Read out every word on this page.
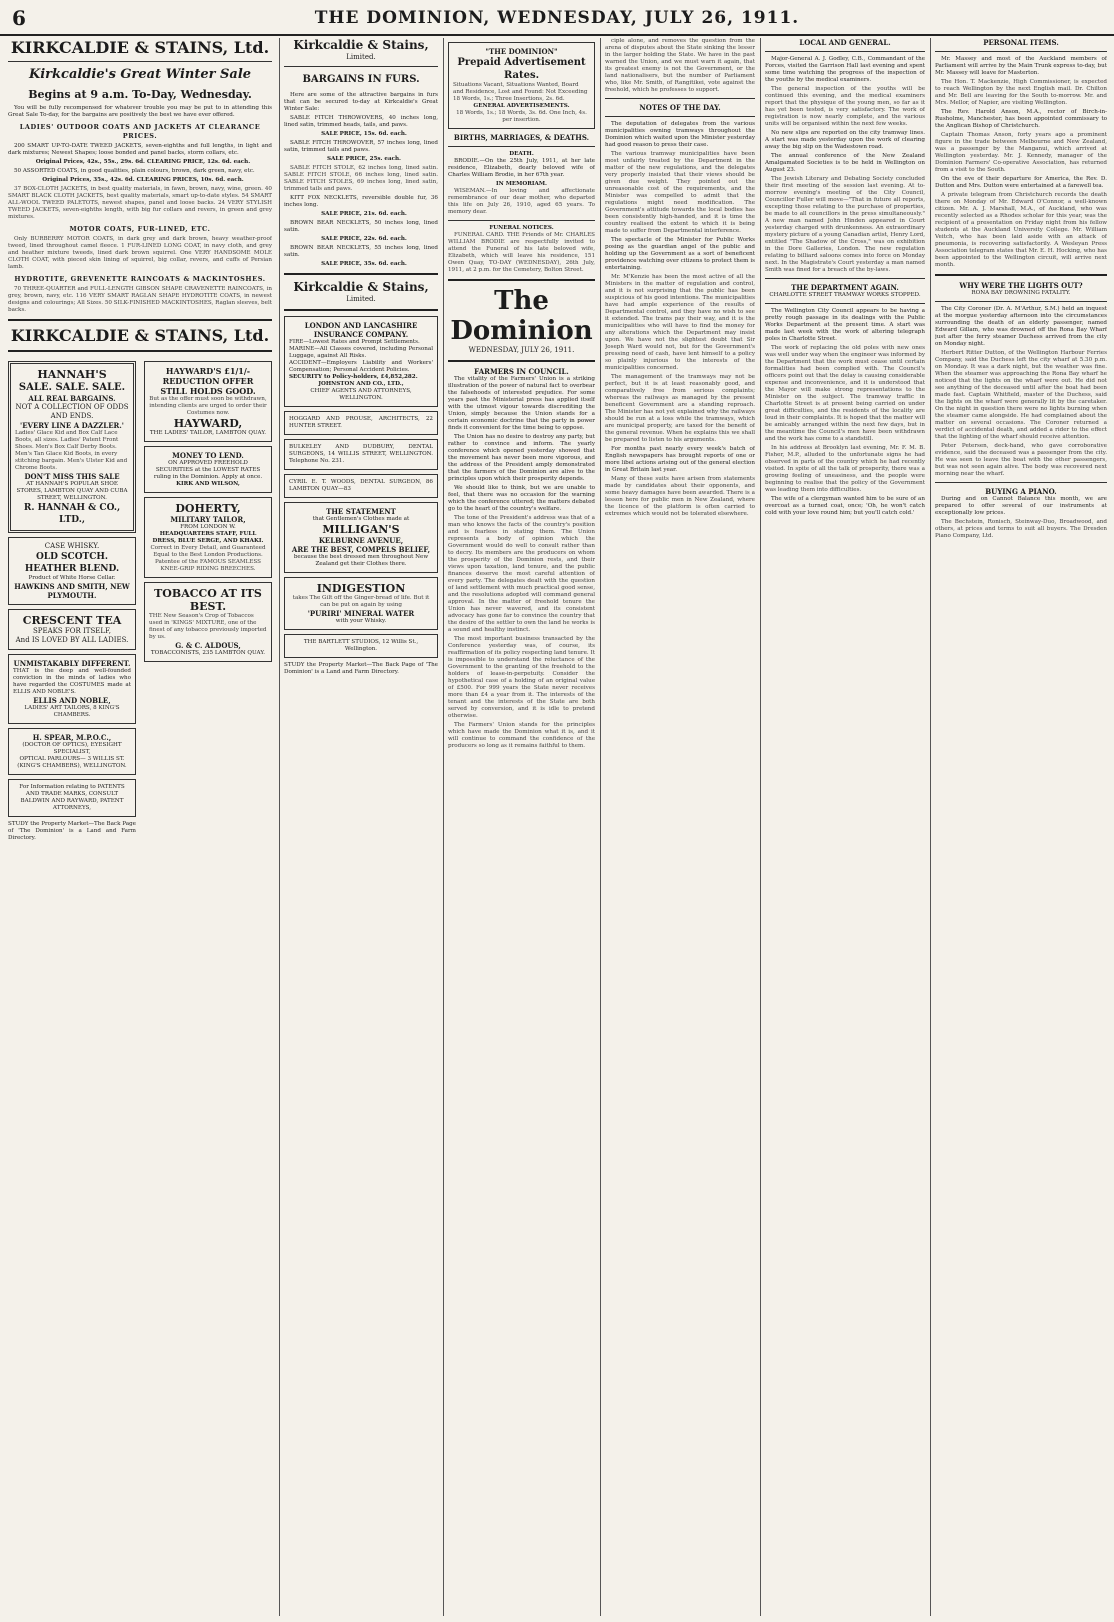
6	THE DOMINION, WEDNESDAY, JULY 26, 1911.
KIRKCALDIE & STAINS, Ltd.
Kirkcaldie's Great Winter Sale
Begins at 9 a.m. To-Day, Wednesday.

You will be fully recompensed for whatever trouble you may be put to in attending this Great Sale To-day, for the bargains are positively the best we have ever offered.

LADIES' OUTDOOR COATS AND JACKETS AT CLEARANCE PRICES.

200 SMART UP-TO-DATE TWEED JACKETS, seven-eighths and full lengths, in light and dark mixtures; Newest Shapes; loose bonded and panel backs, storm collars, etc.

Original Prices, 42s., 55s., 29s. 6d. CLEARING PRICE, 12s. 6d. each.

50 ASSORTED COATS, in good qualities, plain colours, brown, dark green, navy, etc.

Original Prices, 35s., 42s. 6d. CLEARING PRICES, 10s. 6d. each.

37 BOX-CLOTH JACKETS, in best quality materials, in fawn, brown, navy, wine, green. 40 SMART BLACK CLOTH JACKETS, best quality materials, smart up-to-date styles. 54 SMART ALL-WOOL TWEED PALETOTS, newest shapes, panel and loose backs. 24 VERY STYLISH TWEED JACKETS, seven-eighths length, with big fur collars and revers, in green and grey mixtures.

MOTOR COATS, FUR-LINED, ETC.

Only BURBERRY MOTOR COATS, in dark grey and dark brown, heavy weather-proof tweed, lined throughout camel fleece. 1 FUR-LINED LONG COAT, in navy cloth, and grey and heather mixture tweeds, lined dark brown squirrel. One VERY HANDSOME MOLE CLOTH COAT, with pieced skin lining of squirrel, big collar, revers, and cuffs of Persian lamb.

HYDROTITE, GREVENETTE RAINCOATS & MACKINTOSHES.

70 THREE-QUARTER and FULL-LENGTH GIBSON SHAPE CRAVENETTE RAINCOATS, in grey, brown, navy, etc. 116 VERY SMART RAGLAN SHAPE HYDROTITE COATS, in newest designs and colourings; All Sizes. 50 SILK-FINISHED MACKINTOSHES, Raglan sleeves, belt backs.

KIRKCALDIE & STAINS, Ltd.
HANNAH'S
SALE. SALE. SALE.
ALL REAL BARGAINS.
NOT A COLLECTION OF ODDS AND ENDS.
'EVERY LINE A DAZZLER.'
Ladies' Glace Kid and Box Calf Lace Boots, all sizes. Ladies' Patent Front Shoes. Men's Box Calf Derby Boots. Men's Tan Glace Kid Boots, in every stitching bargain. Men's Ulster Kid and Chrome Boots.
DON'T MISS THIS SALE
AT HANNAH'S POPULAR SHOE STORES, LAMBTON QUAY AND CUBA STREET, WELLINGTON.
R. HANNAH & CO., LTD.,
CASE WHISKY.
OLD SCOTCH. HEATHER BLEND.
Product of White Horse Cellar.
HAWKINS AND SMITH, NEW PLYMOUTH.
CRESCENT TEA
SPEAKS FOR ITSELF,
And IS LOVED BY ALL LADIES.
UNMISTAKABLY DIFFERENT.
THAT is the deep and well-founded conviction in the minds of ladies who have regarded the COSTUMES made at ELLIS AND NOBLE'S.
ELLIS AND NOBLE,
LADIES' ART TAILORS, 8 KING'S CHAMBERS.
H. SPEAR, M.P.O.C.,
(DOCTOR OF OPTICS), EYESIGHT SPECIALIST,
OPTICAL PARLOURS— 3 WILLIS ST. (KING'S CHAMBERS), WELLINGTON.
For Information relating to PATENTS AND TRADE MARKS, CONSULT BALDWIN AND RAYWARD, PATENT ATTORNEYS,
STUDY the Property Market—The Back Page of 'The Dominion' is a Land and Farm Directory.
HAYWARD'S £1/1/- REDUCTION OFFER STILL HOLDS GOOD.
But as the offer must soon be withdrawn, intending clients are urged to order their Costumes now.
HAYWARD,
THE LADIES' TAILOR, LAMBTON QUAY.
MONEY TO LEND.
ON APPROVED FREEHOLD SECURITIES at the LOWEST RATES ruling in the Dominion. Apply at once.
KIRK AND WILSON,
DOHERTY,
MILITARY TAILOR,
FROM LONDON W.
HEADQUARTERS STAFF, FULL DRESS, BLUE SERGE, AND KHAKI.
Correct in Every Detail, and Guaranteed Equal to the Best London Productions. Patentee of the FAMOUS SEAMLESS KNEE-GRIP RIDING BREECHES.
TOBACCO AT ITS BEST.
THE New Season's Crop of Tobaccos used in 'KINGS' MIXTURE, one of the finest of any tobacco previously imported by us.
G. & C. ALDOUS,
TOBACCONISTS, 235 LAMBTON QUAY.
Kirkcaldie & Stains,
Limited.
BARGAINS IN FURS.

Here are some of the attractive bargains in furs that can be secured to-day at Kirkcaldie's Great Winter Sale:

SABLE FITCH THROWOVERS, 40 inches long, lined satin, trimmed heads, tails, and paws.

SALE PRICE, 15s. 6d. each.

SABLE FITCH THROWOVER, 57 inches long, lined satin, trimmed tails and paws.

SALE PRICE, 25s. each.

SABLE FITCH STOLE, 62 inches long, lined satin. SABLE FITCH STOLE, 66 inches long, lined satin. SABLE FITCH STOLES, 69 inches long, lined satin, trimmed tails and paws.

KITT FOX NECKLETS, reversible double fur, 36 inches long.

SALE PRICE, 21s. 6d. each.

BROWN BEAR NECKLETS, 50 inches long, lined satin.

SALE PRICE, 22s. 6d. each.

BROWN BEAR NECKLETS, 55 inches long, lined satin.

SALE PRICE, 35s. 6d. each.

Kirkcaldie & Stains,
Limited.
LONDON AND LANCASHIRE INSURANCE COMPANY.
FIRE—Lowest Rates and Prompt Settlements.
MARINE—All Classes covered, including Personal Luggage, against All Risks.
ACCIDENT—Employers Liability and Workers' Compensation; Personal Accident Policies.
SECURITY to Policy-holders, £4,852,282.
JOHNSTON AND CO., LTD.,
CHIEF AGENTS AND ATTORNEYS, WELLINGTON.
HOGGARD AND PROUSE, ARCHITECTS, 22 HUNTER STREET.
BULKELEY AND DUDBURY, DENTAL SURGEONS, 14 WILLIS STREET, WELLINGTON. Telephone No. 231.
CYRIL E. T. WOODS, DENTAL SURGEON, 86 LAMBTON QUAY—83
THE STATEMENT
that Gentlemen's Clothes made at
MILLIGAN'S
KELBURNE AVENUE,
ARE THE BEST, COMPELS BELIEF,
because the best dressed men throughout New Zealand get their Clothes there.
INDIGESTION
takes The Gilt off the Ginger-bread of life. But it can be put on again by using
'PURIRI' MINERAL WATER
with your Whisky.
THE BARTLETT STUDIOS, 12 Willis St., Wellington.
STUDY the Property Market—The Back Page of 'The Dominion' is a Land and Farm Directory.
"THE DOMINION"
Prepaid Advertisement Rates.
Situations Vacant, Situations Wanted, Board and Residence, Lost and Found: Not Exceeding 18 Words, 1s.; Three Insertions, 2s. 6d.
GENERAL ADVERTISEMENTS.
18 Words, 1s.; 18 Words, 3s. 6d. One Inch, 4s. per insertion.
BIRTHS, MARRIAGES, & DEATHS.
DEATH.

BRODIE.—On the 25th July, 1911, at her late residence, Elizabeth, dearly beloved wife of Charles William Brodie, in her 67th year.

IN MEMORIAM.

WISEMAN.—In loving and affectionate remembrance of our dear mother, who departed this life on July 26, 1910, aged 65 years. To memory dear.

FUNERAL NOTICES.

FUNERAL CARD. THE Friends of Mr. CHARLES WILLIAM BRODIE are respectfully invited to attend the Funeral of his late beloved wife, Elizabeth, which will leave his residence, 151 Owen Quay, TO-DAY (WEDNESDAY), 26th July, 1911, at 2 p.m. for the Cemetery, Bolton Street.

The Dominion
WEDNESDAY, JULY 26, 1911.
FARMERS IN COUNCIL.

The vitality of the Farmers' Union is a striking illustration of the power of natural fact to overbear the falsehoods of interested prejudice. For some years past the Ministerial press has applied itself with the utmost vigour towards discrediting the Union, simply because the Union stands for a certain economic doctrine that the party in power finds it convenient for the time being to oppose.

The Union has no desire to destroy any party, but rather to convince and inform. The yearly conference which opened yesterday showed that the movement has never been more vigorous, and the address of the President amply demonstrated that the farmers of the Dominion are alive to the principles upon which their prosperity depends.

We should like to think, but we are unable to feel, that there was no occasion for the warning which the conference uttered; the matters debated go to the heart of the country's welfare.

The tone of the President's address was that of a man who knows the facts of the country's position and is fearless in stating them. The Union represents a body of opinion which the Government would do well to consult rather than to decry. Its members are the producers on whom the prosperity of the Dominion rests, and their views upon taxation, land tenure, and the public finances deserve the most careful attention of every party. The delegates dealt with the question of land settlement with much practical good sense, and the resolutions adopted will command general approval. In the matter of freehold tenure the Union has never wavered, and its consistent advocacy has gone far to convince the country that the desire of the settler to own the land he works is a sound and healthy instinct.

The most important business transacted by the Conference yesterday was, of course, its reaffirmation of its policy respecting land tenure. It is impossible to understand the reluctance of the Government to the granting of the freehold to the holders of lease-in-perpetuity. Consider the hypothetical case of a holding of an original value of £500. For 999 years the State never receives more than £4 a year from it. The interests of the tenant and the interests of the State are both served by conversion, and it is idle to pretend otherwise.

The Farmers' Union stands for the principles which have made the Dominion what it is, and it will continue to command the confidence of the producers so long as it remains faithful to them.

ciple alone, and removes the question from the arena of disputes about the State sinking the lesser in the larger holding the State. We have in the past warned the Union, and we must warn it again, that its greatest enemy is not the Government, or the land nationalisers, but the number of Parliament who, like Mr. Smith, of Rangitikei, vote against the freehold, which he professes to support.

NOTES OF THE DAY.

The deputation of delegates from the various municipalities owning tramways throughout the Dominion which waited upon the Minister yesterday had good reason to press their case.

The various tramway municipalities have been most unfairly treated by the Department in the matter of the new regulations, and the delegates very properly insisted that their views should be given due weight. They pointed out the unreasonable cost of the requirements, and the Minister was compelled to admit that the regulations might need modification. The Government's attitude towards the local bodies has been consistently high-handed, and it is time the country realised the extent to which it is being made to suffer from Departmental interference.

The spectacle of the Minister for Public Works posing as the guardian angel of the public and holding up the Government as a sort of beneficent providence watching over citizens to protect them is entertaining.

Mr. M'Kenzie has been the most active of all the Ministers in the matter of regulation and control, and it is not surprising that the public has been suspicious of his good intentions. The municipalities have had ample experience of the results of Departmental control, and they have no wish to see it extended. The trams pay their way, and it is the municipalities who will have to find the money for any alterations which the Department may insist upon. We have not the slightest doubt that Sir Joseph Ward would not, but for the Government's pressing need of cash, have lent himself to a policy so plainly injurious to the interests of the municipalities concerned.

The management of the tramways may not be perfect, but it is at least reasonably good, and comparatively free from serious complaints; whereas the railways as managed by the present beneficent Government are a standing reproach. The Minister has not yet explained why the railways should be run at a loss while the tramways, which are municipal property, are taxed for the benefit of the general revenue. When he explains this we shall be prepared to listen to his arguments.

For months past nearly every week's batch of English newspapers has brought reports of one or more libel actions arising out of the general election in Great Britain last year.

Many of these suits have arisen from statements made by candidates about their opponents, and some heavy damages have been awarded. There is a lesson here for public men in New Zealand, where the licence of the platform is often carried to extremes which would not be tolerated elsewhere.

LOCAL AND GENERAL.

Major-General A. J. Godley, C.B., Commandant of the Forces, visited the Garrison Hall last evening and spent some time watching the progress of the inspection of the youths by the medical examiners.

The general inspection of the youths will be continued this evening, and the medical examiners report that the physique of the young men, so far as it has yet been tested, is very satisfactory. The work of registration is now nearly complete, and the various units will be organised within the next few weeks.

No new slips are reported on the city tramway lines. A start was made yesterday upon the work of clearing away the big slip on the Wadestown road.

The annual conference of the New Zealand Amalgamated Societies is to be held in Wellington on August 23.

The Jewish Literary and Debating Society concluded their first meeting of the session last evening. At to-morrow evening's meeting of the City Council, Councillor Fuller will move—"That in future all reports, excepting those relating to the purchase of properties, be made to all councillors in the press simultaneously." A new man named John Hinden appeared in Court yesterday charged with drunkenness. An extraordinary mystery picture of a young Canadian artist, Henry Lord, entitled "The Shadow of the Cross," was on exhibition in the Dore Galleries, London. The new regulation relating to billiard saloons comes into force on Monday next. In the Magistrate's Court yesterday a man named Smith was fined for a breach of the by-laws.

THE DEPARTMENT AGAIN.
CHARLOTTE STREET TRAMWAY WORKS STOPPED.

The Wellington City Council appears to be having a pretty rough passage in its dealings with the Public Works Department at the present time. A start was made last week with the work of altering telegraph poles in Charlotte Street.

The work of replacing the old poles with new ones was well under way when the engineer was informed by the Department that the work must cease until certain formalities had been complied with. The Council's officers point out that the delay is causing considerable expense and inconvenience, and it is understood that the Mayor will make strong representations to the Minister on the subject. The tramway traffic in Charlotte Street is at present being carried on under great difficulties, and the residents of the locality are loud in their complaints. It is hoped that the matter will be amicably arranged within the next few days, but in the meantime the Council's men have been withdrawn and the work has come to a standstill.

In his address at Brooklyn last evening, Mr. F. M. B. Fisher, M.P., alluded to the unfortunate signs he had observed in parts of the country which he had recently visited. In spite of all the talk of prosperity, there was a growing feeling of uneasiness, and the people were beginning to realise that the policy of the Government was leading them into difficulties.

The wife of a clergyman wanted him to be sure of an overcoat as a turned coat, once; 'Oh, he won't catch cold with your love round him; but you'll catch cold.'

PERSONAL ITEMS.

Mr. Massey and most of the Auckland members of Parliament will arrive by the Main Trunk express to-day, but Mr. Massey will leave for Masterton.

The Hon. T. Mackenzie, High Commissioner, is expected to reach Wellington by the next English mail. Dr. Chilton and Mr. Bell are leaving for the South to-morrow. Mr. and Mrs. Mellor, of Napier, are visiting Wellington.

The Rev. Harold Anson, M.A., rector of Birch-in-Rusholme, Manchester, has been appointed commissary to the Anglican Bishop of Christchurch.

Captain Thomas Anson, forty years ago a prominent figure in the trade between Melbourne and New Zealand, was a passenger by the Manganui, which arrived at Wellington yesterday. Mr. J. Kennedy, manager of the Dominion Farmers' Co-operative Association, has returned from a visit to the South.

On the eve of their departure for America, the Rev. D. Dutton and Mrs. Dutton were entertained at a farewell tea.

A private telegram from Christchurch records the death there on Monday of Mr. Edward O'Connor, a well-known citizen. Mr. A. J. Marshall, M.A., of Auckland, who was recently selected as a Rhodes scholar for this year, was the recipient of a presentation on Friday night from his fellow students at the Auckland University College. Mr. William Veitch, who has been laid aside with an attack of pneumonia, is recovering satisfactorily. A Wesleyan Press Association telegram states that Mr. E. H. Hocking, who has been appointed to the Wellington circuit, will arrive next month.

WHY WERE THE LIGHTS OUT?
RONA BAY DROWNING FATALITY.

The City Coroner (Dr. A. M'Arthur, S.M.) held an inquest at the morgue yesterday afternoon into the circumstances surrounding the death of an elderly passenger, named Edward Gillam, who was drowned off the Rona Bay Wharf just after the ferry steamer Duchess arrived from the city on Monday night.

Herbert Ritter Dutton, of the Wellington Harbour Ferries Company, said the Duchess left the city wharf at 5.30 p.m. on Monday. It was a dark night, but the weather was fine. When the steamer was approaching the Rona Bay wharf he noticed that the lights on the wharf were out. He did not see anything of the deceased until after the boat had been made fast. Captain Whitfield, master of the Duchess, said the lights on the wharf were generally lit by the caretaker. On the night in question there were no lights burning when the steamer came alongside. He had complained about the matter on several occasions. The Coroner returned a verdict of accidental death, and added a rider to the effect that the lighting of the wharf should receive attention.

Peter Petersen, deck-hand, who gave corroborative evidence, said the deceased was a passenger from the city. He was seen to leave the boat with the other passengers, but was not seen again alive. The body was recovered next morning near the wharf.

BUYING A PIANO.

During and on Cannot Balance this month, we are prepared to offer several of our instruments at exceptionally low prices.

The Bechstein, Ronisch, Steinway-Duo, Broadwood, and others, at prices and terms to suit all buyers. The Dresden Piano Company, Ltd.
